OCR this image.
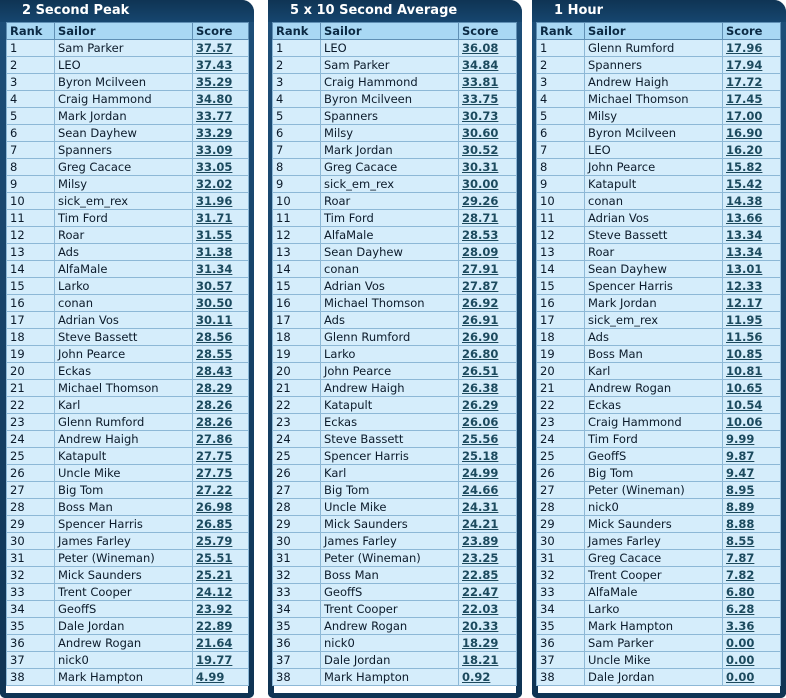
2 Second Peak
Rank	Sailor	Score
1	Sam Parker	37.57
2	LEO	37.43
3	Byron Mcilveen	35.29
4	Craig Hammond	34.80
5	Mark Jordan	33.77
6	Sean Dayhew	33.29
7	Spanners	33.09
8	Greg Cacace	33.05
9	Milsy	32.02
10	sick_em_rex	31.96
11	Tim Ford	31.71
12	Roar	31.55
13	Ads	31.38
14	AlfaMale	31.34
15	Larko	30.57
16	conan	30.50
17	Adrian Vos	30.11
18	Steve Bassett	28.56
19	John Pearce	28.55
20	Eckas	28.43
21	Michael Thomson	28.29
22	Karl	28.26
23	Glenn Rumford	28.26
24	Andrew Haigh	27.86
25	Katapult	27.75
26	Uncle Mike	27.75
27	Big Tom	27.22
28	Boss Man	26.98
29	Spencer Harris	26.85
30	James Farley	25.79
31	Peter (Wineman)	25.51
32	Mick Saunders	25.21
33	Trent Cooper	24.12
34	GeoffS	23.92
35	Dale Jordan	22.89
36	Andrew Rogan	21.64
37	nick0	19.77
38	Mark Hampton	4.99
5 x 10 Second Average
Rank	Sailor	Score
1	LEO	36.08
2	Sam Parker	34.84
3	Craig Hammond	33.81
4	Byron Mcilveen	33.75
5	Spanners	30.73
6	Milsy	30.60
7	Mark Jordan	30.52
8	Greg Cacace	30.31
9	sick_em_rex	30.00
10	Roar	29.26
11	Tim Ford	28.71
12	AlfaMale	28.53
13	Sean Dayhew	28.09
14	conan	27.91
15	Adrian Vos	27.87
16	Michael Thomson	26.92
17	Ads	26.91
18	Glenn Rumford	26.90
19	Larko	26.80
20	John Pearce	26.51
21	Andrew Haigh	26.38
22	Katapult	26.29
23	Eckas	26.06
24	Steve Bassett	25.56
25	Spencer Harris	25.18
26	Karl	24.99
27	Big Tom	24.66
28	Uncle Mike	24.31
29	Mick Saunders	24.21
30	James Farley	23.89
31	Peter (Wineman)	23.25
32	Boss Man	22.85
33	GeoffS	22.47
34	Trent Cooper	22.03
35	Andrew Rogan	20.33
36	nick0	18.29
37	Dale Jordan	18.21
38	Mark Hampton	0.92
1 Hour
Rank	Sailor	Score
1	Glenn Rumford	17.96
2	Spanners	17.94
3	Andrew Haigh	17.72
4	Michael Thomson	17.45
5	Milsy	17.00
6	Byron Mcilveen	16.90
7	LEO	16.20
8	John Pearce	15.82
9	Katapult	15.42
10	conan	14.38
11	Adrian Vos	13.66
12	Steve Bassett	13.34
13	Roar	13.34
14	Sean Dayhew	13.01
15	Spencer Harris	12.33
16	Mark Jordan	12.17
17	sick_em_rex	11.95
18	Ads	11.56
19	Boss Man	10.85
20	Karl	10.81
21	Andrew Rogan	10.65
22	Eckas	10.54
23	Craig Hammond	10.06
24	Tim Ford	9.99
25	GeoffS	9.87
26	Big Tom	9.47
27	Peter (Wineman)	8.95
28	nick0	8.89
29	Mick Saunders	8.88
30	James Farley	8.55
31	Greg Cacace	7.87
32	Trent Cooper	7.82
33	AlfaMale	6.80
34	Larko	6.28
35	Mark Hampton	3.36
36	Sam Parker	0.00
37	Uncle Mike	0.00
38	Dale Jordan	0.00
